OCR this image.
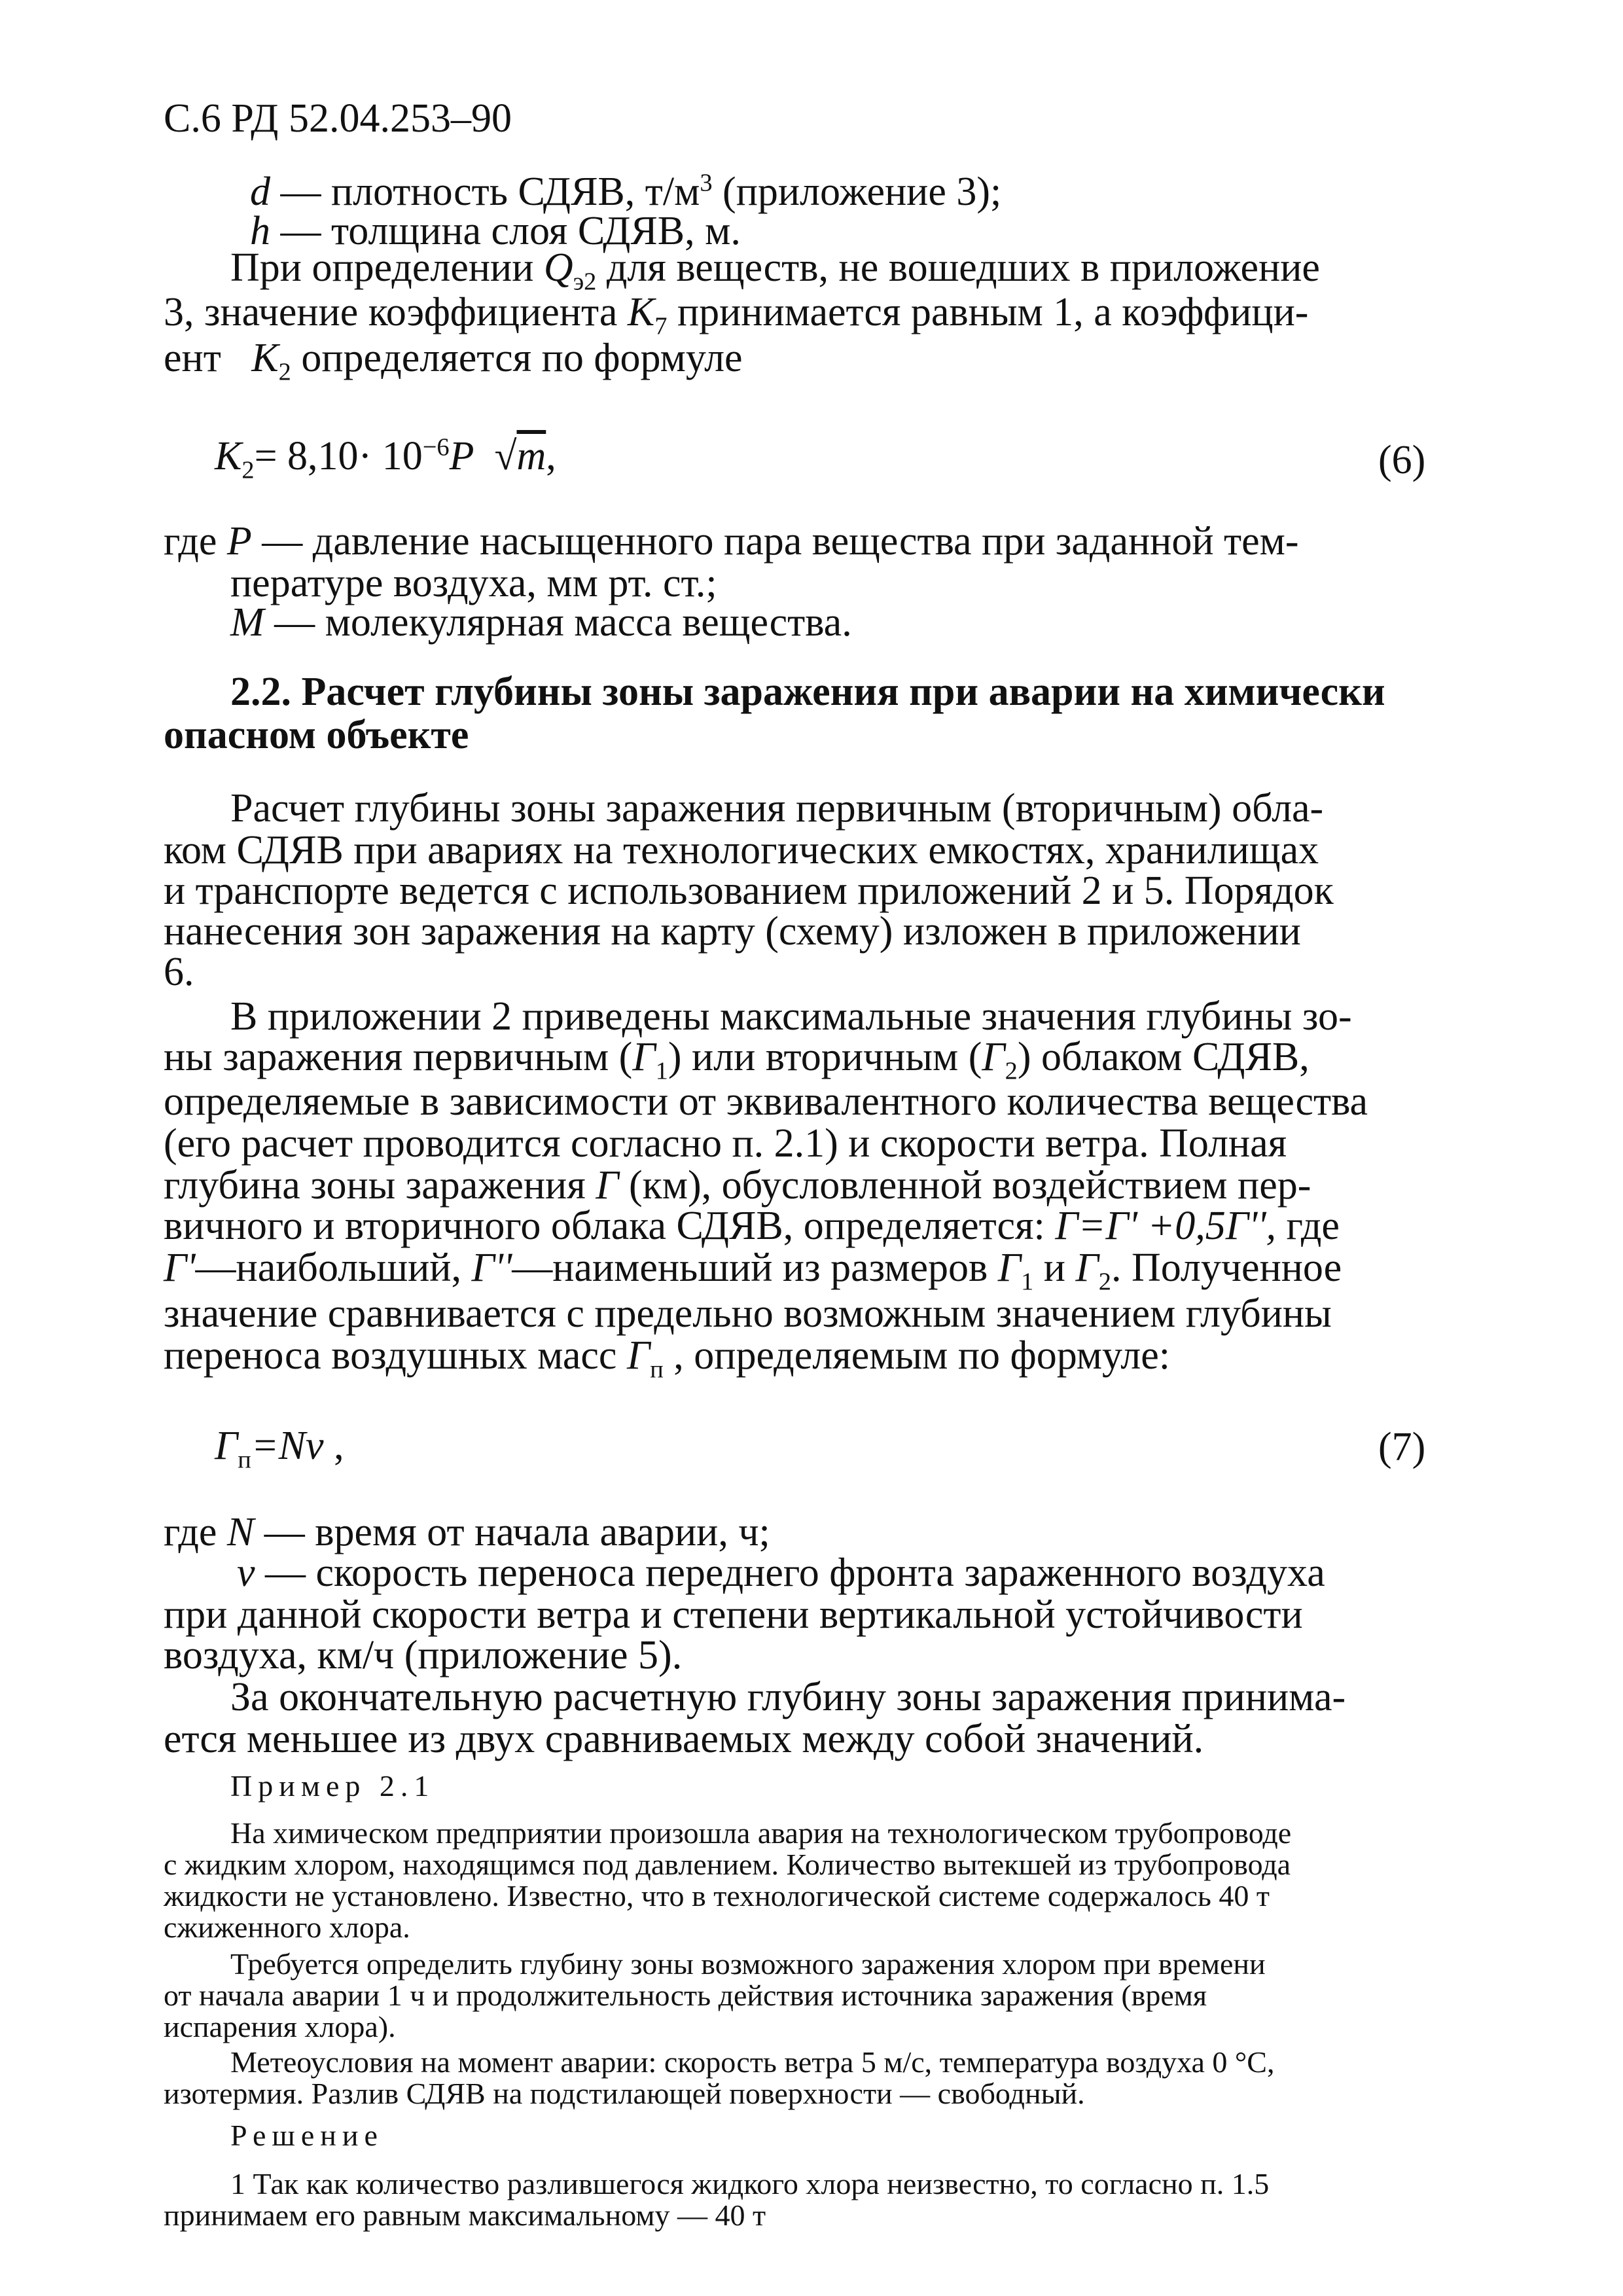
С.6 РД 52.04.253–90
d — плотность СДЯВ, $т/м^3$ (приложение 3);
h — толщина слоя СДЯВ, м.
При определении $Q_{э2}$ для веществ, не вошедших в приложение
3, значение коэффициента $K_7$ принимается равным 1, а коэффици-
ент $K_2$ определяется по формуле
$K_2= 8,10\cdot 10^{-6}P$ √m,	(6)
где P — давление насыщенного пара вещества при заданной тем-
пературе воздуха, мм рт. ст.;
M — молекулярная масса вещества.
2.2. Расчет глубины зоны заражения при аварии на химически
опасном объекте
Расчет глубины зоны заражения первичным (вторичным) обла-
ком СДЯВ при авариях на технологических емкостях, хранилищах
и транспорте ведется с использованием приложений 2 и 5. Порядок
нанесения зон заражения на карту (схему) изложен в приложении
6.
В приложении 2 приведены максимальные значения глубины зо-
ны заражения первичным $(Г_1)$ или вторичным $(Г_2)$ облаком СДЯВ,
определяемые в зависимости от эквивалентного количества вещества
(его расчет проводится согласно п. 2.1) и скорости ветра. Полная
глубина зоны заражения Г (км), обусловленной воздействием пер-
вичного и вторичного облака СДЯВ, определяется: Г=Г' +0,5Г'', где
Г'—наибольший, Г''—наименьший из размеров $Г_1$ и $Г_2$. Полученное
значение сравнивается с предельно возможным значением глубины
переноса воздушных масс $Г_п$ , определяемым по формуле:
$Г_п=Nv$ ,	(7)
где N — время от начала аварии, ч;
v — скорость переноса переднего фронта зараженного воздуха
при данной скорости ветра и степени вертикальной устойчивости
воздуха, км/ч (приложение 5).
За окончательную расчетную глубину зоны заражения принима-
ется меньшее из двух сравниваемых между собой значений.
Пример 2.1
На химическом предприятии произошла авария на технологическом трубопроводе
с жидким хлором, находящимся под давлением. Количество вытекшей из трубопровода
жидкости не установлено. Известно, что в технологической системе содержалось 40 т
сжиженного хлора.
Требуется определить глубину зоны возможного заражения хлором при времени
от начала аварии 1 ч и продолжительность действия источника заражения (время
испарения хлора).
Метеоусловия на момент аварии: скорость ветра 5 м/с, температура воздуха 0 °С,
изотермия. Разлив СДЯВ на подстилающей поверхности — свободный.
Решение
1 Так как количество разлившегося жидкого хлора неизвестно, то согласно п. 1.5
принимаем его равным максимальному — 40 т
